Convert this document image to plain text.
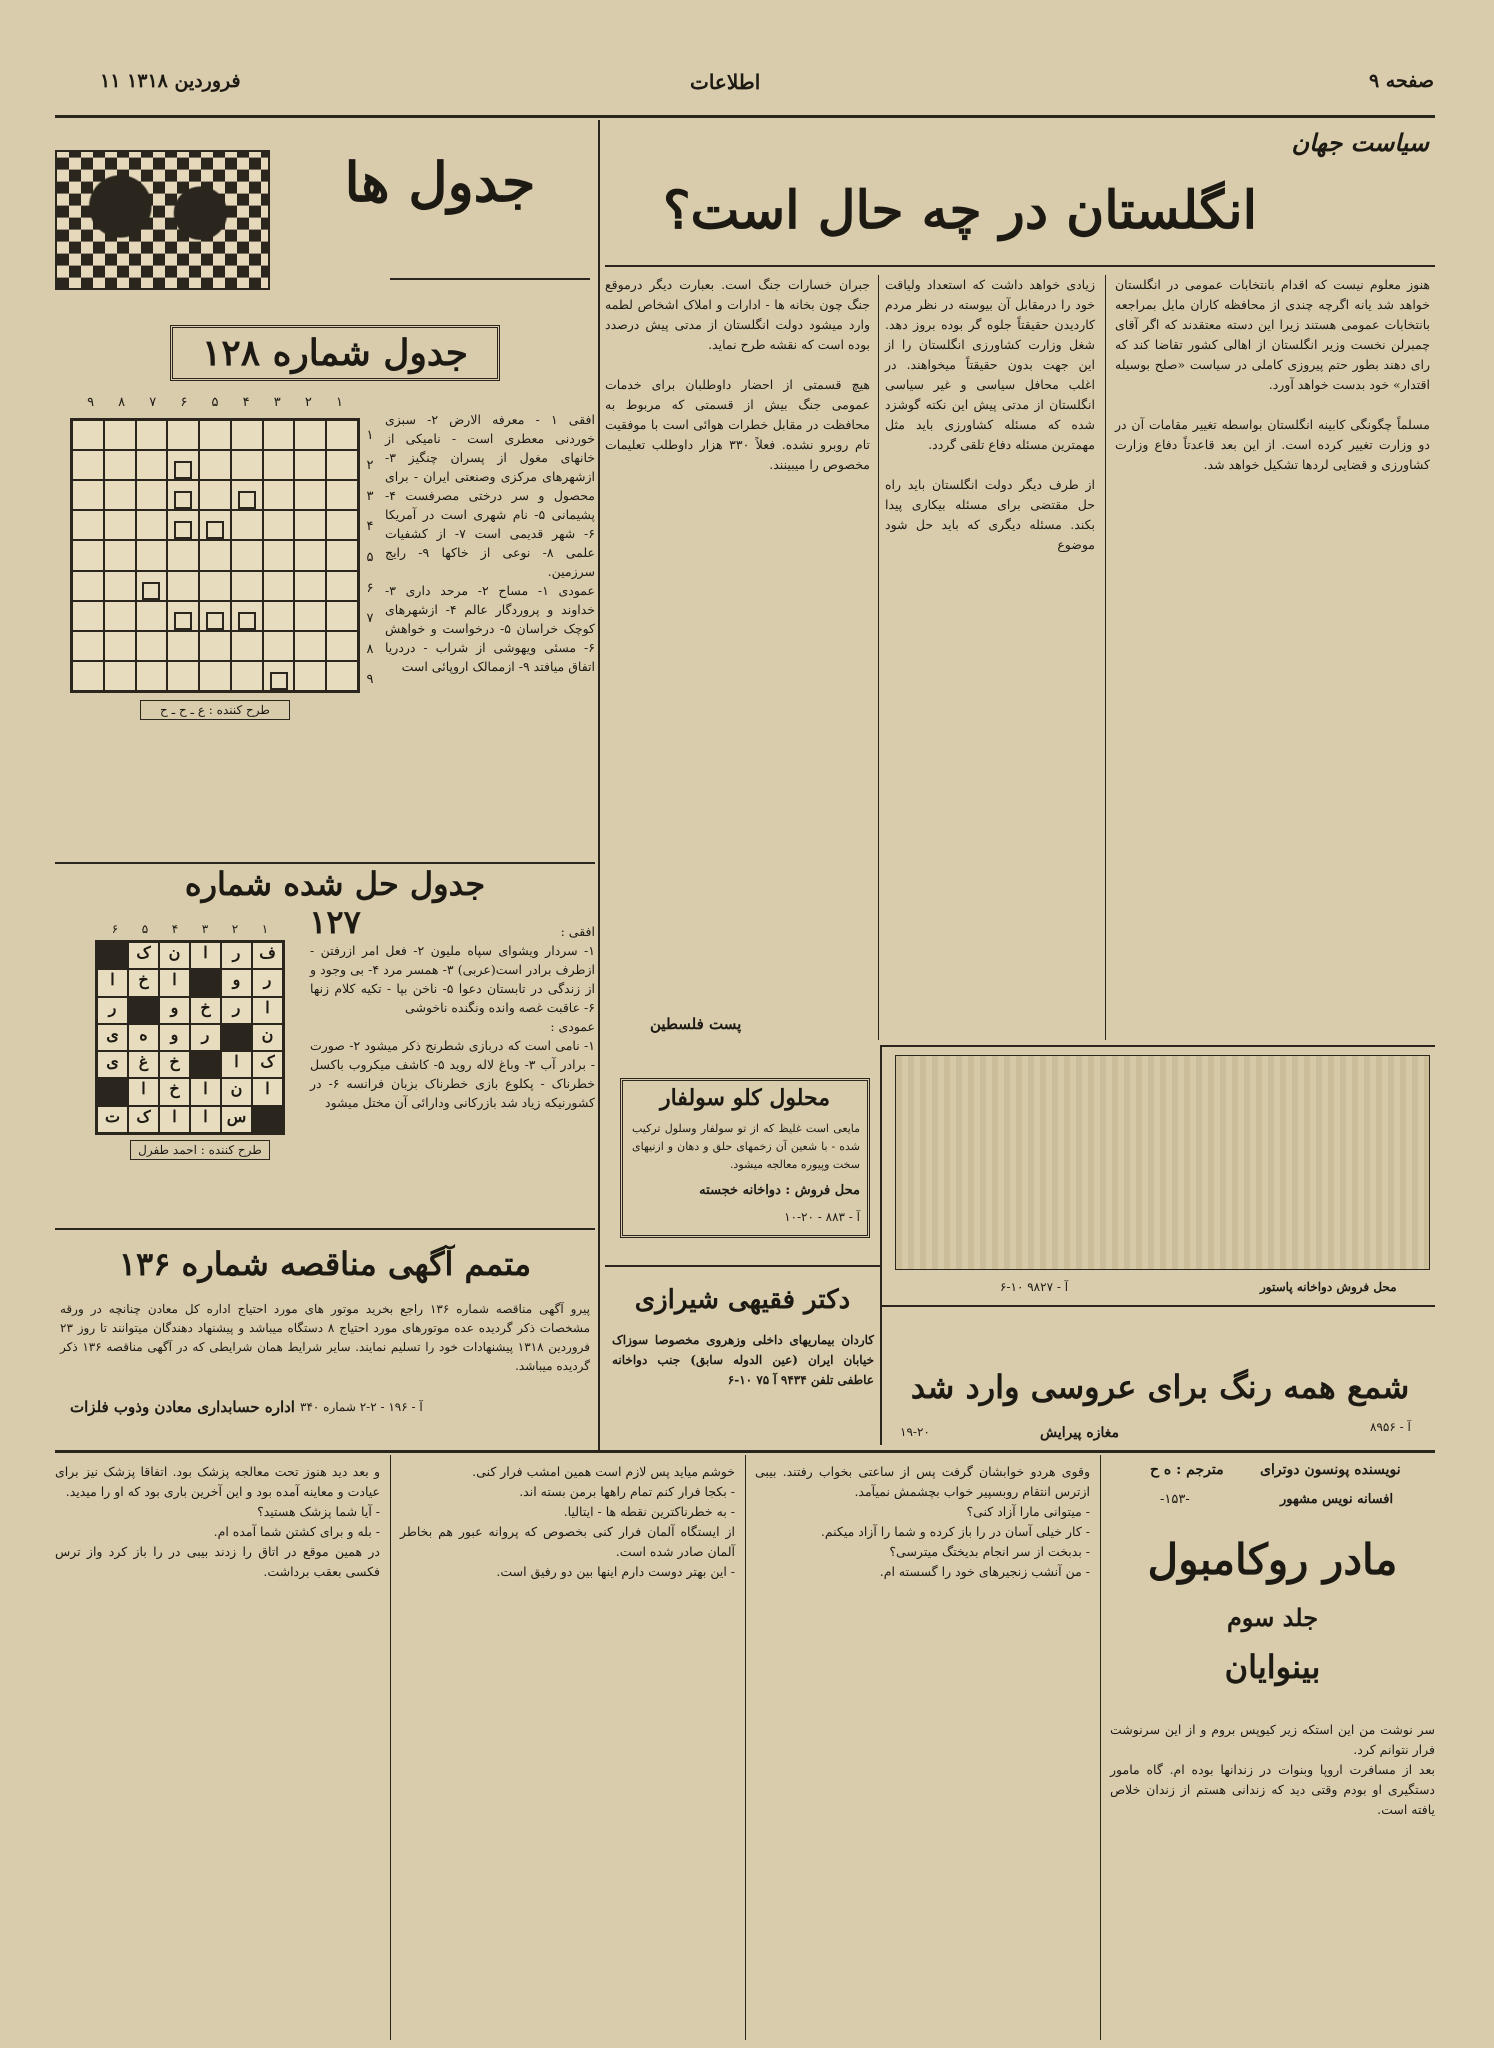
صفحه ۹
اطلاعات
۱۱ فروردین ۱۳۱۸
سیاست جهان
انگلستان در چه حال است؟
هنوز معلوم نیست که اقدام بانتخابات عمومی در انگلستان خواهد شد یانه اگرچه چندی از محافظه کاران مایل بمراجعه بانتخابات عمومی هستند زیرا این دسته معتقدند که اگر آقای چمبرلن نخست وزیر انگلستان از اهالی کشور تقاضا کند که رای دهند بطور حتم پیروزی کاملی در سیاست «صلح بوسیله اقتدار» خود بدست خواهد آورد.

مسلماً چگونگی کابینه انگلستان بواسطه تغییر مقامات آن در دو وزارت تغییر کرده است. از این بعد قاعدتاً دفاع وزارت کشاورزی و قضایی لردها تشکیل خواهد شد.
زیادی خواهد داشت که استعداد ولیاقت خود را درمقابل آن بیوسته در نظر مردم کاردیدن حقیقتاً جلوه گر بوده بروز دهد. شغل وزارت کشاورزی انگلستان را از این جهت بدون حقیقتاً میخواهند. در اغلب محافل سیاسی و غیر سیاسی انگلستان از مدتی پیش این نکته گوشزد شده که مسئله کشاورزی باید مثل مهمترین مسئله دفاع تلقی گردد.

از طرف دیگر دولت انگلستان باید راه حل مقتضی برای مسئله بیکاری پیدا بکند. مسئله دیگری که باید حل شود موضوع
جبران خسارات جنگ است. بعبارت دیگر درموقع جنگ چون بخانه ها - ادارات و املاک اشخاص لطمه وارد میشود دولت انگلستان از مدتی پیش درصدد بوده است که نقشه طرح نماید.

هیچ قسمتی از احضار داوطلبان برای خدمات عمومی جنگ بیش از قسمتی که مربوط به محافظت در مقابل خطرات هوائی است با موفقیت تام روبرو نشده. فعلاً ۳۳۰ هزار داوطلب تعلیمات مخصوص را میبینند.
پست فلسطین
جدول ها
جدول شماره ۱۲۸
۹ ۸ ۷ ۶ ۵ ۴ ۳ ۲ ۱
۱
۲
۳
۴
۵
۶
۷
۸
۹
طرح کننده : ع ـ ح ـ ح
افقی ۱ - معرفه الارض ۲- سبزی خوردنی معطری است - نامیکی از خانهای مغول از پسران چنگیز ۳- ازشهرهای مرکزی وصنعتی ایران - برای محصول و سر درختی مصرفست ۴- پشیمانی ۵- نام شهری است در آمریکا ۶- شهر قدیمی است ۷- از کشفیات علمی ۸- نوعی از خاکها ۹- رایج سرزمین.
عمودی ۱- مساح ۲- مرحد داری ۳- خداوند و پروردگار عالم ۴- ازشهرهای کوچک خراسان ۵- درخواست و خواهش ۶- مسئی ویهوشی از شراب - دردریا اتفاق میافتد ۹- ازممالک اروپائی است
جدول حل شده شماره ۱۲۷
۶ ۵ ۴ ۳ ۲ ۱
ف
ر
ا
ن
ک
ر
و
ا
خ
ا
ا
ر
خ
و
ر
ن
ر
و
ه
ی
ک
ا
خ
غ
ی
ا
ن
ا
خ
ا
س
ا
ا
ک
ت
طرح کننده : احمد طفرل
افقی :
۱- سردار ویشوای سپاه مليون ۲- فعل امر ازرفتن - ازطرف برادر است(عربی) ۳- همسر مرد ۴- بی وجود و از زندگی در تابستان دعوا ۵- ناخن بپا - تکیه کلام زنها ۶- عاقبت غصه وانده ونگنده ناخوشی
عمودی :
۱- نامی است که دربازی شطرنج ذکر میشود ۲- صورت - برادر آب ۳- وباغ لاله رويد ۵- کاشف میکروب باکسل خطرناک - پکلوع بازی خطرناک بزبان فرانسه ۶- در کشورنیکه زیاد شد بازرکانی ودارائی آن مختل میشود
متمم آگهی مناقصه شماره ۱۳۶
پیرو آگهی مناقصه شماره ۱۳۶ راجع بخرید موتور های مورد احتیاج اداره کل معادن چنانچه در ورقه مشخصات ذکر گردیده عده موتورهای مورد احتیاج ۸ دستگاه میباشد و پیشنهاد دهندگان میتوانند تا روز ۲۳ فروردین ۱۳۱۸ پیشنهادات خود را تسلیم نمایند. سایر شرایط همان شرایطی که در آگهی مناقصه ۱۳۶ ذکر گردیده میباشد.
آ - ۱۹۶ - ۲-۲ شماره ۳۴۰
اداره حسابداری معادن وذوب فلزات
محلول کلو سولفار
مایعی است غلیظ که از تو سولفار وسلول ترکیب شده - با شعین آن زخمهای حلق و دهان و ازنیهای سخت وپیوره معالجه میشود.
محل فروش : دواخانه خجسته
آ - ۸۸۳ - ۲۰-۱۰
دکتر فقیهی شیرازی
کاردان بیماریهای داخلی وزهروی مخصوصا سوزاک خیابان ایران (عین الدوله سابق) جنب دواخانه عاطفی تلفن ۹۴۳۴ آ ۷۵ ۱۰-۶
محل فروش دواخانه پاستور
آ - ۹۸۲۷ ۱۰-۶
شمع همه رنگ برای عروسی وارد شد
آ - ۸۹۵۶
مغازه پیرایش
۱۹-۲۰
نویسنده پونسون دوترای
مترجم : ه ح
افسانه نویس مشهور
-۱۵۳-
مادر روکامبول
جلد سوم
بینوایان
سر نوشت من این استکه زیر کیوپس بروم و از این سرنوشت فرار نتوانم کرد.
بعد از مسافرت اروپا وبنوات در زندانها بوده ام. گاه مامور دستگیری او بودم وقتی دید که زندانی هستم از زندان خلاص یافته است.
وقوی هردو خوابشان گرفت پس از ساعتی بخواب رفتند. بیبی ازترس انتقام روبسپیر خواب بچشمش نمیآمد.
- میتوانی مارا آزاد کنی؟
- کار خیلی آسان در را باز کرده و شما را آزاد میکنم.
- بدبخت از سر انجام بدیختگ میترسی؟
- من آنشب زنجیرهای خود را گسسته ام.
خوشم میاید پس لازم است همین امشب فرار کنی.
- بکجا فرار کنم تمام راهها برمن بسته اند.
- به خطرناکترین نقطه ها - ایتالیا.
از ایستگاه آلمان فرار کنی بخصوص که پروانه عبور هم بخاطر آلمان صادر شده است.
- این بهتر دوست دارم اینها بین دو رفیق است.
و بعد دید هنوز تحت معالجه پزشک بود. اتفاقا پزشک نیز برای عیادت و معاینه آمده بود و این آخرین باری بود که او را میدید.
- آیا شما پزشک هستید؟
- بله و برای کشتن شما آمده ام.
در همین موقع در اتاق را زدند بیبی در را باز کرد واز ترس فکسی بعقب برداشت.
